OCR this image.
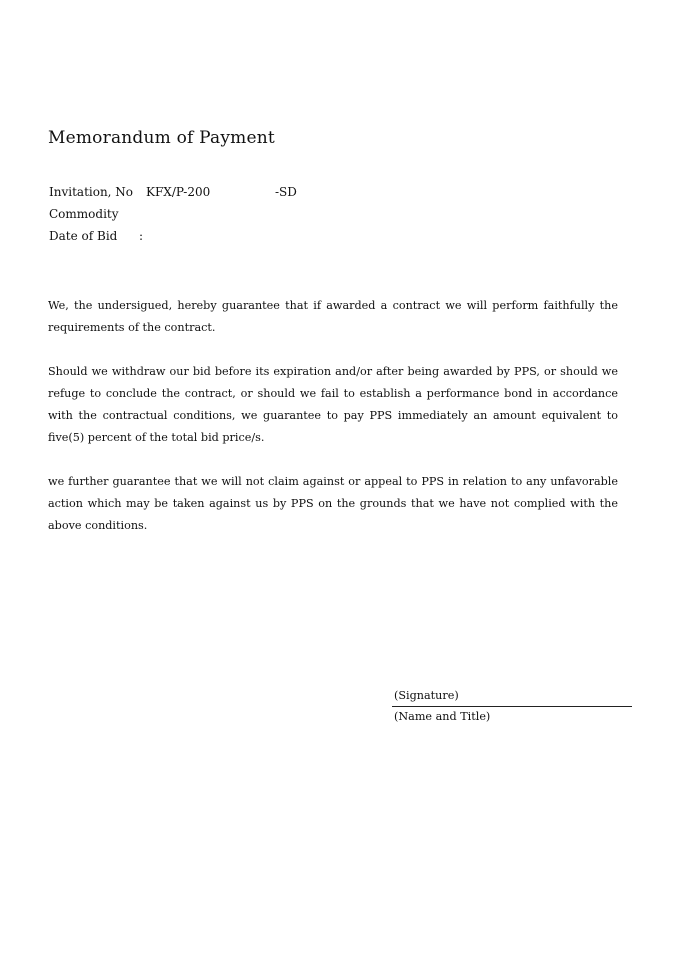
Memorandum of Payment
Invitation, No KFX/P-200	-SD
Commodity
Date of Bid :

We, the undersigued, hereby guarantee that if awarded a contract we will perform faithfully the requirements of the contract.

Should we withdraw our bid before its expiration and/or after being awarded by PPS, or should we refuge to conclude the contract, or should we fail to establish a performance bond in accordance with the contractual conditions, we guarantee to pay PPS immediately an amount equivalent to five(5) percent of the total bid price/s.

we further guarantee that we will not claim against or appeal to PPS in relation to any unfavorable action which may be taken against us by PPS on the grounds that we have not complied with the above conditions.

(Signature)
(Name and Title)
